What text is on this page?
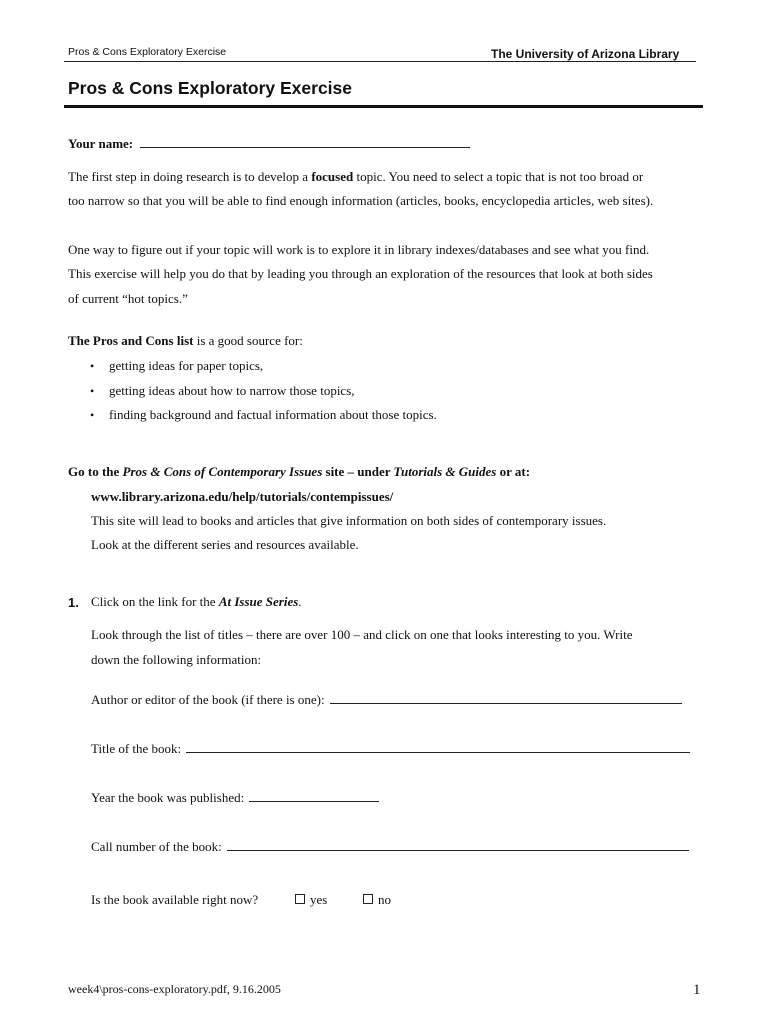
Pros & Cons Exploratory Exercise	The University of Arizona Library
Pros & Cons Exploratory Exercise
Your name:
The first step in doing research is to develop a focused topic. You need to select a topic that is not too broad or
too narrow so that you will be able to find enough information (articles, books, encyclopedia articles, web sites).
One way to figure out if your topic will work is to explore it in library indexes/databases and see what you find.
This exercise will help you do that by leading you through an exploration of the resources that look at both sides
of current “hot topics.”
The Pros and Cons list is a good source for:
• getting ideas for paper topics,
• getting ideas about how to narrow those topics,
• finding background and factual information about those topics.
Go to the Pros & Cons of Contemporary Issues site – under Tutorials & Guides or at:
www.library.arizona.edu/help/tutorials/contempissues/
This site will lead to books and articles that give information on both sides of contemporary issues.
Look at the different series and resources available.
1. Click on the link for the At Issue Series.
Look through the list of titles – there are over 100 – and click on one that looks interesting to you. Write
down the following information:
Author or editor of the book (if there is one):
Title of the book:
Year the book was published:
Call number of the book:
Is the book available right now?	yes	no
week4\pros-cons-exploratory.pdf, 9.16.2005	1
